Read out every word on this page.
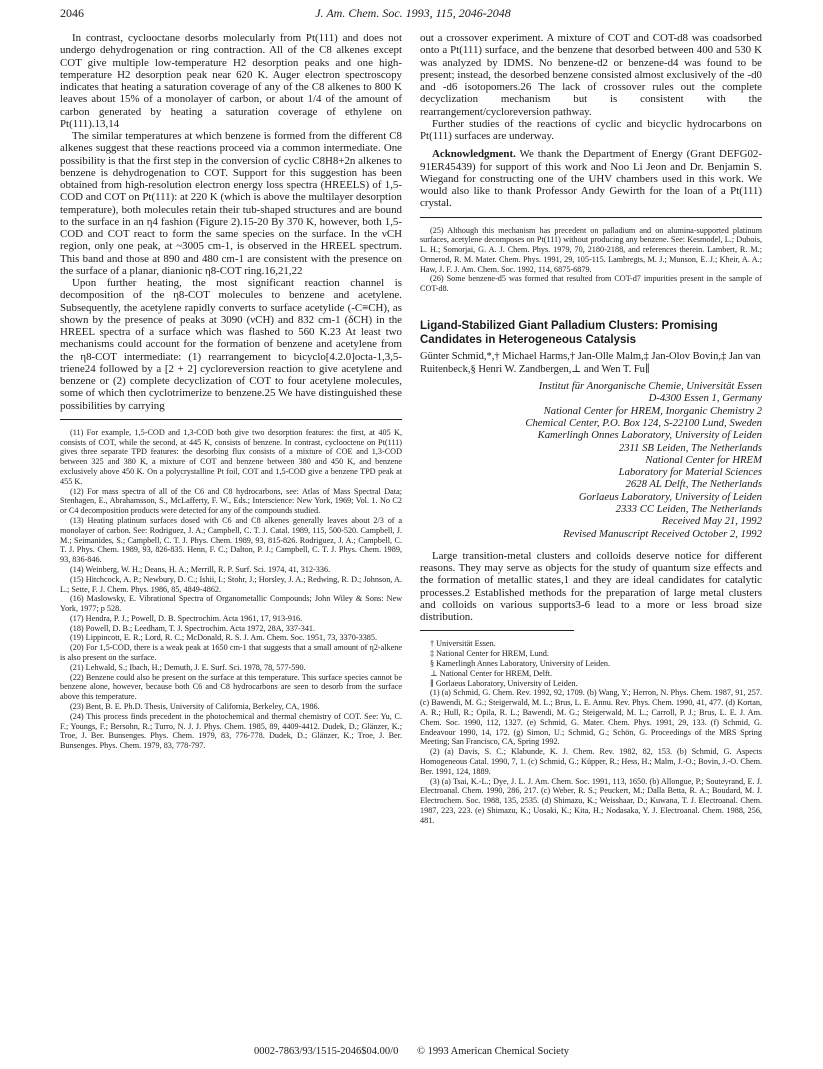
2046	J. Am. Chem. Soc. 1993, 115, 2046-2048

In contrast, cyclooctane desorbs molecularly from Pt(111) and does not undergo dehydrogenation or ring contraction. All of the C8 alkenes except COT give multiple low-temperature H2 desorption peaks and one high-temperature H2 desorption peak near 620 K. Auger electron spectroscopy indicates that heating a saturation coverage of any of the C8 alkenes to 800 K leaves about 15% of a monolayer of carbon, or about 1/4 of the amount of carbon generated by heating a saturation coverage of ethylene on Pt(111).13,14

The similar temperatures at which benzene is formed from the different C8 alkenes suggest that these reactions proceed via a common intermediate. One possibility is that the first step in the conversion of cyclic C8H8+2n alkenes to benzene is dehydrogenation to COT. Support for this suggestion has been obtained from high-resolution electron energy loss spectra (HREELS) of 1,5-COD and COT on Pt(111): at 220 K (which is above the multilayer desorption temperature), both molecules retain their tub-shaped structures and are bound to the surface in an η4 fashion (Figure 2).15-20 By 370 K, however, both 1,5-COD and COT react to form the same species on the surface. In the νCH region, only one peak, at ~3005 cm-1, is observed in the HREEL spectrum. This band and those at 890 and 480 cm-1 are consistent with the presence on the surface of a planar, dianionic η8-COT ring.16,21,22

Upon further heating, the most significant reaction channel is decomposition of the η8-COT molecules to benzene and acetylene. Subsequently, the acetylene rapidly converts to surface acetylide (-C≡CH), as shown by the presence of peaks at 3090 (νCH) and 832 cm-1 (δCH) in the HREEL spectra of a surface which was flashed to 560 K.23 At least two mechanisms could account for the formation of benzene and acetylene from the η8-COT intermediate: (1) rearrangement to bicyclo[4.2.0]octa-1,3,5-triene24 followed by a [2 + 2] cycloreversion reaction to give acetylene and benzene or (2) complete decyclization of COT to four acetylene molecules, some of which then cyclotrimerize to benzene.25 We have distinguished these possibilities by carrying

(11) For example, 1,5-COD and 1,3-COD both give two desorption features: the first, at 405 K, consists of COT, while the second, at 445 K, consists of benzene. In contrast, cyclooctene on Pt(111) gives three separate TPD features: the desorbing flux consists of a mixture of COE and 1,3-COD between 325 and 380 K, a mixture of COT and benzene between 380 and 450 K, and benzene exclusively above 450 K. On a polycrystalline Pt foil, COT and 1,5-COD give a benzene TPD peak at 455 K.

(12) For mass spectra of all of the C6 and C8 hydrocarbons, see: Atlas of Mass Spectral Data; Stenhagen, E., Abrahamsson, S., McLafferty, F. W., Eds.; Interscience: New York, 1969; Vol. 1. No C2 or C4 decomposition products were detected for any of the compounds studied.

(13) Heating platinum surfaces dosed with C6 and C8 alkenes generally leaves about 2/3 of a monolayer of carbon. See: Rodriguez, J. A.; Campbell, C. T. J. Catal. 1989, 115, 500-520. Campbell, J. M.; Seimanides, S.; Campbell, C. T. J. Phys. Chem. 1989, 93, 815-826. Rodriguez, J. A.; Campbell, C. T. J. Phys. Chem. 1989, 93, 826-835. Henn, F. C.; Dalton, P. J.; Campbell, C. T. J. Phys. Chem. 1989, 93, 836-846.

(14) Weinberg, W. H.; Deans, H. A.; Merrill, R. P. Surf. Sci. 1974, 41, 312-336.

(15) Hitchcock, A. P.; Newbury, D. C.; Ishii, I.; Stohr, J.; Horsley, J. A.; Redwing, R. D.; Johnson, A. L.; Sette, F. J. Chem. Phys. 1986, 85, 4849-4862.

(16) Maslowsky, E. Vibrational Spectra of Organometallic Compounds; John Wiley & Sons: New York, 1977; p 528.

(17) Hendra, P. J.; Powell, D. B. Spectrochim. Acta 1961, 17, 913-916.

(18) Powell, D. B.; Leedham, T. J. Spectrochim. Acta 1972, 28A, 337-341.

(19) Lippincott, E. R.; Lord, R. C.; McDonald, R. S. J. Am. Chem. Soc. 1951, 73, 3370-3385.

(20) For 1,5-COD, there is a weak peak at 1650 cm-1 that suggests that a small amount of η2-alkene is also present on the surface.

(21) Lehwald, S.; Ibach, H.; Demuth, J. E. Surf. Sci. 1978, 78, 577-590.

(22) Benzene could also be present on the surface at this temperature. This surface species cannot be benzene alone, however, because both C6 and C8 hydrocarbons are seen to desorb from the surface above this temperature.

(23) Bent, B. E. Ph.D. Thesis, University of California, Berkeley, CA, 1986.

(24) This process finds precedent in the photochemical and thermal chemistry of COT. See: Yu, C. F.; Youngs, F.; Bersohn, R.; Turro, N. J. J. Phys. Chem. 1985, 89, 4409-4412. Dudek, D.; Glänzer, K.; Troe, J. Ber. Bunsenges. Phys. Chem. 1979, 83, 776-778. Dudek, D.; Glänzer, K.; Troe, J. Ber. Bunsenges. Phys. Chem. 1979, 83, 778-797.

out a crossover experiment. A mixture of COT and COT-d8 was coadsorbed onto a Pt(111) surface, and the benzene that desorbed between 400 and 530 K was analyzed by IDMS. No benzene-d2 or benzene-d4 was found to be present; instead, the desorbed benzene consisted almost exclusively of the -d0 and -d6 isotopomers.26 The lack of crossover rules out the complete decyclization mechanism but is consistent with the rearrangement/cycloreversion pathway.

Further studies of the reactions of cyclic and bicyclic hydrocarbons on Pt(111) surfaces are underway.

Acknowledgment. We thank the Department of Energy (Grant DEFG02-91ER45439) for support of this work and Noo Li Jeon and Dr. Benjamin S. Wiegand for constructing one of the UHV chambers used in this work. We would also like to thank Professor Andy Gewirth for the loan of a Pt(111) crystal.

(25) Although this mechanism has precedent on palladium and on alumina-supported platinum surfaces, acetylene decomposes on Pt(111) without producing any benzene. See: Kesmodel, L.; Dubois, L. H.; Somorjai, G. A. J. Chem. Phys. 1979, 70, 2180-2188, and references therein. Lambert, R. M.; Ormerod, R. M. Mater. Chem. Phys. 1991, 29, 105-115. Lambregts, M. J.; Munson, E. J.; Kheir, A. A.; Haw, J. F. J. Am. Chem. Soc. 1992, 114, 6875-6879.

(26) Some benzene-d5 was formed that resulted from COT-d7 impurities present in the sample of COT-d8.

Ligand-Stabilized Giant Palladium Clusters: Promising Candidates in Heterogeneous Catalysis

Günter Schmid,*,† Michael Harms,† Jan-Olle Malm,‡ Jan-Olov Bovin,‡ Jan van Ruitenbeck,§ Henri W. Zandbergen,⊥ and Wen T. Fu∥

Institut für Anorganische Chemie, Universität Essen
D-4300 Essen 1, Germany
National Center for HREM, Inorganic Chemistry 2
Chemical Center, P.O. Box 124, S-22100 Lund, Sweden
Kamerlingh Onnes Laboratory, University of Leiden
2311 SB Leiden, The Netherlands
National Center for HREM
Laboratory for Material Sciences
2628 AL Delft, The Netherlands
Gorlaeus Laboratory, University of Leiden
2333 CC Leiden, The Netherlands
Received May 21, 1992
Revised Manuscript Received October 2, 1992

Large transition-metal clusters and colloids deserve notice for different reasons. They may serve as objects for the study of quantum size effects and the formation of metallic states,1 and they are ideal candidates for catalytic processes.2 Established methods for the preparation of large metal clusters and colloids on various supports3-6 lead to a more or less broad size distribution.

† Universität Essen.

‡ National Center for HREM, Lund.

§ Kamerlingh Annes Laboratory, University of Leiden.

⊥ National Center for HREM, Delft.

∥ Gorlaeus Laboratory, University of Leiden.

(1) (a) Schmid, G. Chem. Rev. 1992, 92, 1709. (b) Wang, Y.; Herron, N. Phys. Chem. 1987, 91, 257. (c) Bawendi, M. G.; Steigerwald, M. L.; Brus, L. E. Annu. Rev. Phys. Chem. 1990, 41, 477. (d) Kortan, A. R.; Hull, R.; Opila, R. L.; Bawendi, M. G.; Steigerwald, M. L.; Carroll, P. J.; Brus, L. E. J. Am. Chem. Soc. 1990, 112, 1327. (e) Schmid, G. Mater. Chem. Phys. 1991, 29, 133. (f) Schmid, G. Endeavour 1990, 14, 172. (g) Simon, U.; Schmid, G.; Schön, G. Proceedings of the MRS Spring Meeting; San Francisco, CA, Spring 1992.

(2) (a) Davis, S. C.; Klabunde, K. J. Chem. Rev. 1982, 82, 153. (b) Schmid, G. Aspects Homogeneous Catal. 1990, 7, 1. (c) Schmid, G.; Küpper, R.; Hess, H.; Malm, J.-O.; Bovin, J.-O. Chem. Ber. 1991, 124, 1889.

(3) (a) Tsai, K.-L.; Dye, J. L. J. Am. Chem. Soc. 1991, 113, 1650. (b) Allongue, P.; Souteyrand, E. J. Electroanal. Chem. 1990, 286, 217. (c) Weber, R. S.; Peuckert, M.; Dalla Betta, R. A.; Boudard, M. J. Electrochem. Soc. 1988, 135, 2535. (d) Shimazu, K.; Weisshaar, D.; Kuwana, T. J. Electroanal. Chem. 1987, 223, 223. (e) Shimazu, K.; Uosaki, K.; Kita, H.; Nodasaka, Y. J. Electroanal. Chem. 1988, 256, 481.

0002-7863/93/1515-2046$04.00/0 © 1993 American Chemical Society
